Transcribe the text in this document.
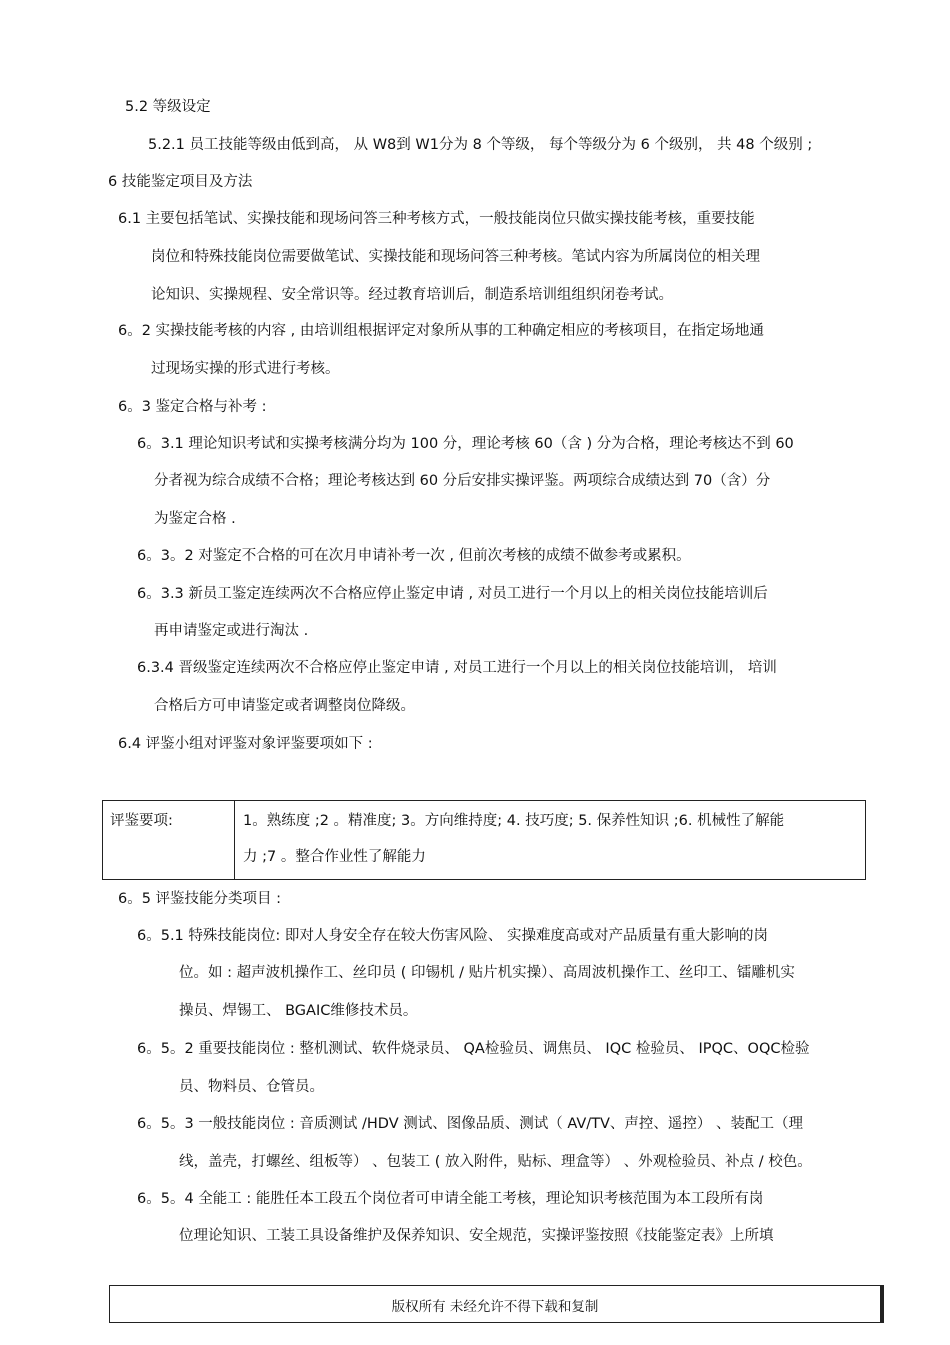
5.2 等级设定
5.2.1 员工技能等级由低到高， 从 W8到 W1分为 8 个等级， 每个等级分为 6 个级别， 共 48 个级别 ;
6 技能鉴定项目及方法
6.1 主要包括笔试、实操技能和现场问答三种考核方式，一般技能岗位只做实操技能考核，重要技能
岗位和特殊技能岗位需要做笔试、实操技能和现场问答三种考核。笔试内容为所属岗位的相关理
论知识、实操规程、安全常识等。经过教育培训后，制造系培训组组织闭卷考试。
6。2 实操技能考核的内容 , 由培训组根据评定对象所从事的工种确定相应的考核项目，在指定场地通
过现场实操的形式进行考核。
6。3 鉴定合格与补考 :
6。3.1 理论知识考试和实操考核满分均为 100 分，理论考核 60（含 ) 分为合格，理论考核达不到 60
分者视为综合成绩不合格；理论考核达到 60 分后安排实操评鉴。两项综合成绩达到 70（含）分
为鉴定合格 .
6。3。2 对鉴定不合格的可在次月申请补考一次 , 但前次考核的成绩不做参考或累积。
6。3.3 新员工鉴定连续两次不合格应停止鉴定申请 , 对员工进行一个月以上的相关岗位技能培训后
再申请鉴定或进行淘汰 .
6.3.4 晋级鉴定连续两次不合格应停止鉴定申请 , 对员工进行一个月以上的相关岗位技能培训， 培训
合格后方可申请鉴定或者调整岗位降级。
6.4 评鉴小组对评鉴对象评鉴要项如下 :
评鉴要项:	1。熟练度 ;2 。精准度; 3。方向维持度; 4. 技巧度; 5. 保养性知识 ;6. 机械性了解能
力 ;7 。整合作业性了解能力
6。5 评鉴技能分类项目 :
6。5.1 特殊技能岗位: 即对人身安全存在较大伤害风险、 实操难度高或对产品质量有重大影响的岗
位。如 : 超声波机操作工、丝印员 ( 印锡机 / 贴片机实操）、高周波机操作工、丝印工、镭雕机实
操员、焊锡工、 BGAIC维修技术员。
6。5。2 重要技能岗位 : 整机测试、软件烧录员、 QA检验员、调焦员、 IQC 检验员、 IPQC、OQC检验
员、物料员、仓管员。
6。5。3 一般技能岗位 : 音质测试 /HDV 测试、图像品质、测试（ AV/TV、声控、遥控） 、装配工（理
线，盖壳，打螺丝、组板等） 、包装工 ( 放入附件，贴标、理盒等） 、外观检验员、补点 / 校色。
6。5。4 全能工 : 能胜任本工段五个岗位者可申请全能工考核，理论知识考核范围为本工段所有岗
位理论知识、工装工具设备维护及保养知识、安全规范，实操评鉴按照《技能鉴定表》上所填
版权所有 未经允许不得下载和复制
